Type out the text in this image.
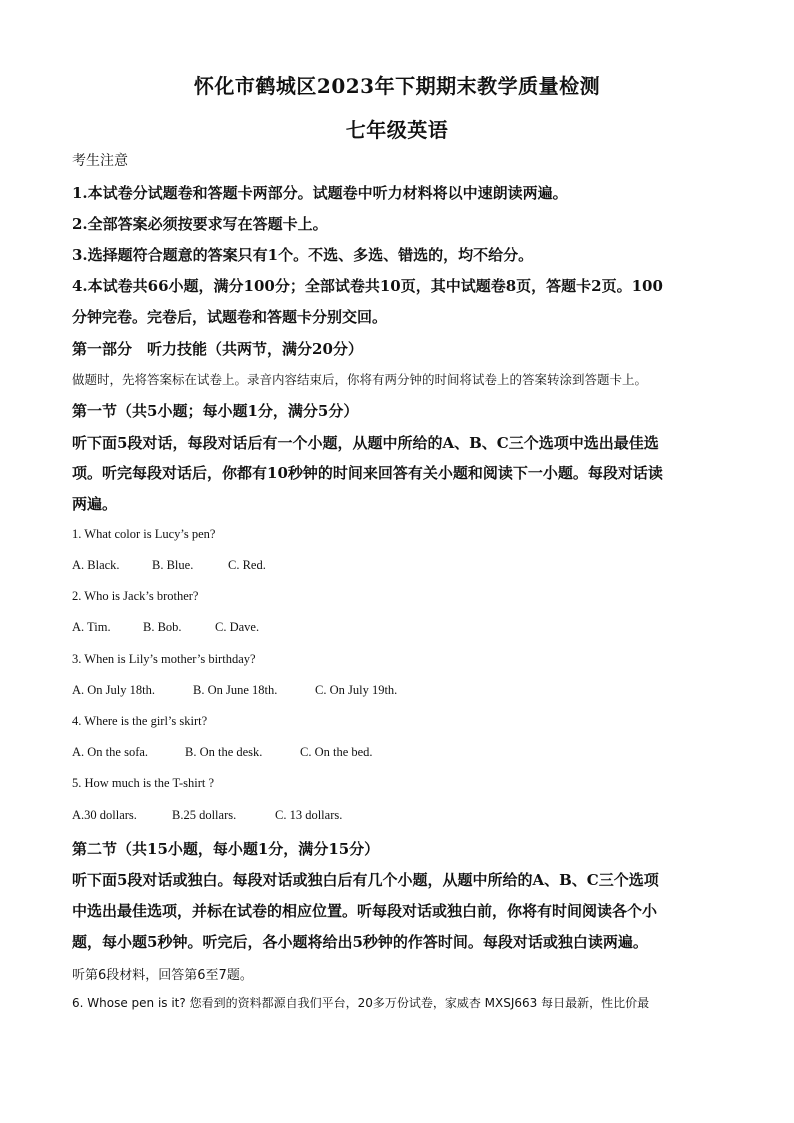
怀化市鹤城区2023年下期期末教学质量检测
七年级英语
考生注意
1.本试卷分试题卷和答题卡两部分。试题卷中听力材料将以中速朗读两遍。
2.全部答案必须按要求写在答题卡上。
3.选择题符合题意的答案只有1个。不选、多选、错选的，均不给分。
4.本试卷共66小题，满分100分；全部试卷共10页，其中试题卷8页，答题卡2页。100
分钟完卷。完卷后，试题卷和答题卡分别交回。
第一部分　听力技能（共两节，满分20分）
做题时，先将答案标在试卷上。录音内容结束后，你将有两分钟的时间将试卷上的答案转涂到答题卡上。
第一节（共5小题；每小题1分，满分5分）
听下面5段对话，每段对话后有一个小题，从题中所给的A、B、C三个选项中选出最佳选
项。听完每段对话后，你都有10秒钟的时间来回答有关小题和阅读下一小题。每段对话读
两遍。
1. What color is Lucy’s pen?
A. Black.	B. Blue.	C. Red.
2. Who is Jack’s brother?
A. Tim.	B. Bob.	C. Dave.
3. When is Lily’s mother’s birthday?
A. On July 18th.	B. On June 18th.	C. On July 19th.
4. Where is the girl’s skirt?
A. On the sofa.	B. On the desk.	C. On the bed.
5. How much is the T-shirt ?
A.30 dollars.	B.25 dollars.	C. 13 dollars.
第二节（共15小题，每小题1分，满分15分）
听下面5段对话或独白。每段对话或独白后有几个小题，从题中所给的A、B、C三个选项
中选出最佳选项，并标在试卷的相应位置。听每段对话或独白前，你将有时间阅读各个小
题，每小题5秒钟。听完后，各小题将给出5秒钟的作答时间。每段对话或独白读两遍。
听第6段材料，回答第6至7题。
6. Whose pen is it? 您看到的资料都源自我们平台，20多万份试卷，家威杏 MXSJ663 每日最新，性比价最
